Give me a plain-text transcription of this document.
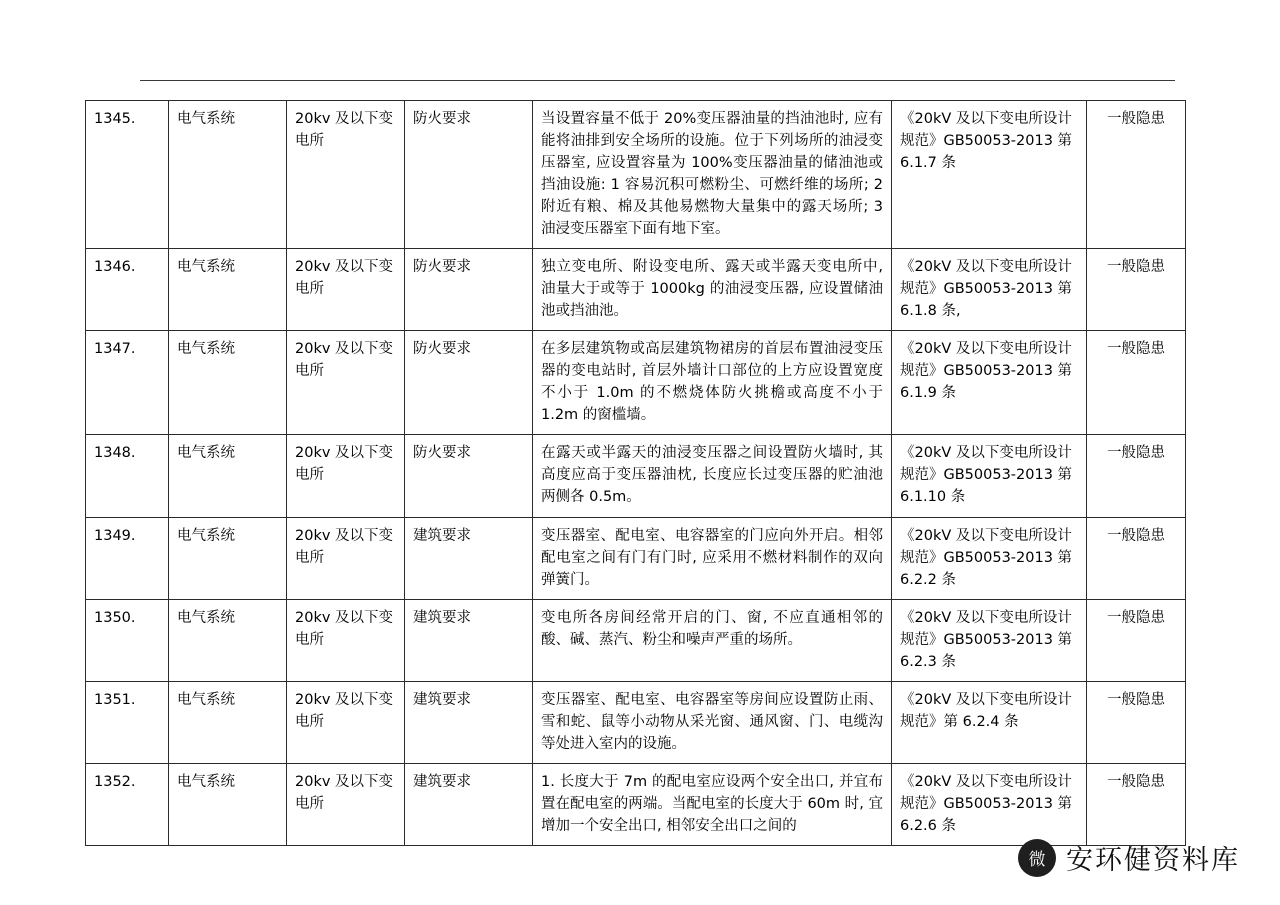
1345.	电气系统	20kv 及以下变电所	防火要求	当设置容量不低于 20%变压器油量的挡油池时, 应有能将油排到安全场所的设施。位于下列场所的油浸变压器室, 应设置容量为 100%变压器油量的储油池或挡油设施: 1 容易沉积可燃粉尘、可燃纤维的场所; 2 附近有粮、棉及其他易燃物大量集中的露天场所; 3 油浸变压器室下面有地下室。	《20kV 及以下变电所设计规范》GB50053-2013 第 6.1.7 条	一般隐患
1346.	电气系统	20kv 及以下变电所	防火要求	独立变电所、附设变电所、露天或半露天变电所中, 油量大于或等于 1000kg 的油浸变压器, 应设置储油池或挡油池。	《20kV 及以下变电所设计规范》GB50053-2013 第 6.1.8 条,	一般隐患
1347.	电气系统	20kv 及以下变电所	防火要求	在多层建筑物或高层建筑物裙房的首层布置油浸变压器的变电站时, 首层外墙计口部位的上方应设置宽度不小于 1.0m 的不燃烧体防火挑檐或高度不小于 1.2m 的窗槛墙。	《20kV 及以下变电所设计规范》GB50053-2013 第 6.1.9 条	一般隐患
1348.	电气系统	20kv 及以下变电所	防火要求	在露天或半露天的油浸变压器之间设置防火墙时, 其高度应高于变压器油枕, 长度应长过变压器的贮油池两侧各 0.5m。	《20kV 及以下变电所设计规范》GB50053-2013 第 6.1.10 条	一般隐患
1349.	电气系统	20kv 及以下变电所	建筑要求	变压器室、配电室、电容器室的门应向外开启。相邻配电室之间有门有门时, 应采用不燃材料制作的双向弹簧门。	《20kV 及以下变电所设计规范》GB50053-2013 第 6.2.2 条	一般隐患
1350.	电气系统	20kv 及以下变电所	建筑要求	变电所各房间经常开启的门、窗, 不应直通相邻的酸、碱、蒸汽、粉尘和噪声严重的场所。	《20kV 及以下变电所设计规范》GB50053-2013 第 6.2.3 条	一般隐患
1351.	电气系统	20kv 及以下变电所	建筑要求	变压器室、配电室、电容器室等房间应设置防止雨、雪和蛇、鼠等小动物从采光窗、通风窗、门、电缆沟等处进入室内的设施。	《20kV 及以下变电所设计规范》第 6.2.4 条	一般隐患
1352.	电气系统	20kv 及以下变电所	建筑要求	1. 长度大于 7m 的配电室应设两个安全出口, 并宜布置在配电室的两端。当配电室的长度大于 60m 时, 宜增加一个安全出口, 相邻安全出口之间的	《20kV 及以下变电所设计规范》GB50053-2013 第 6.2.6 条	一般隐患
微 安环健资料库
